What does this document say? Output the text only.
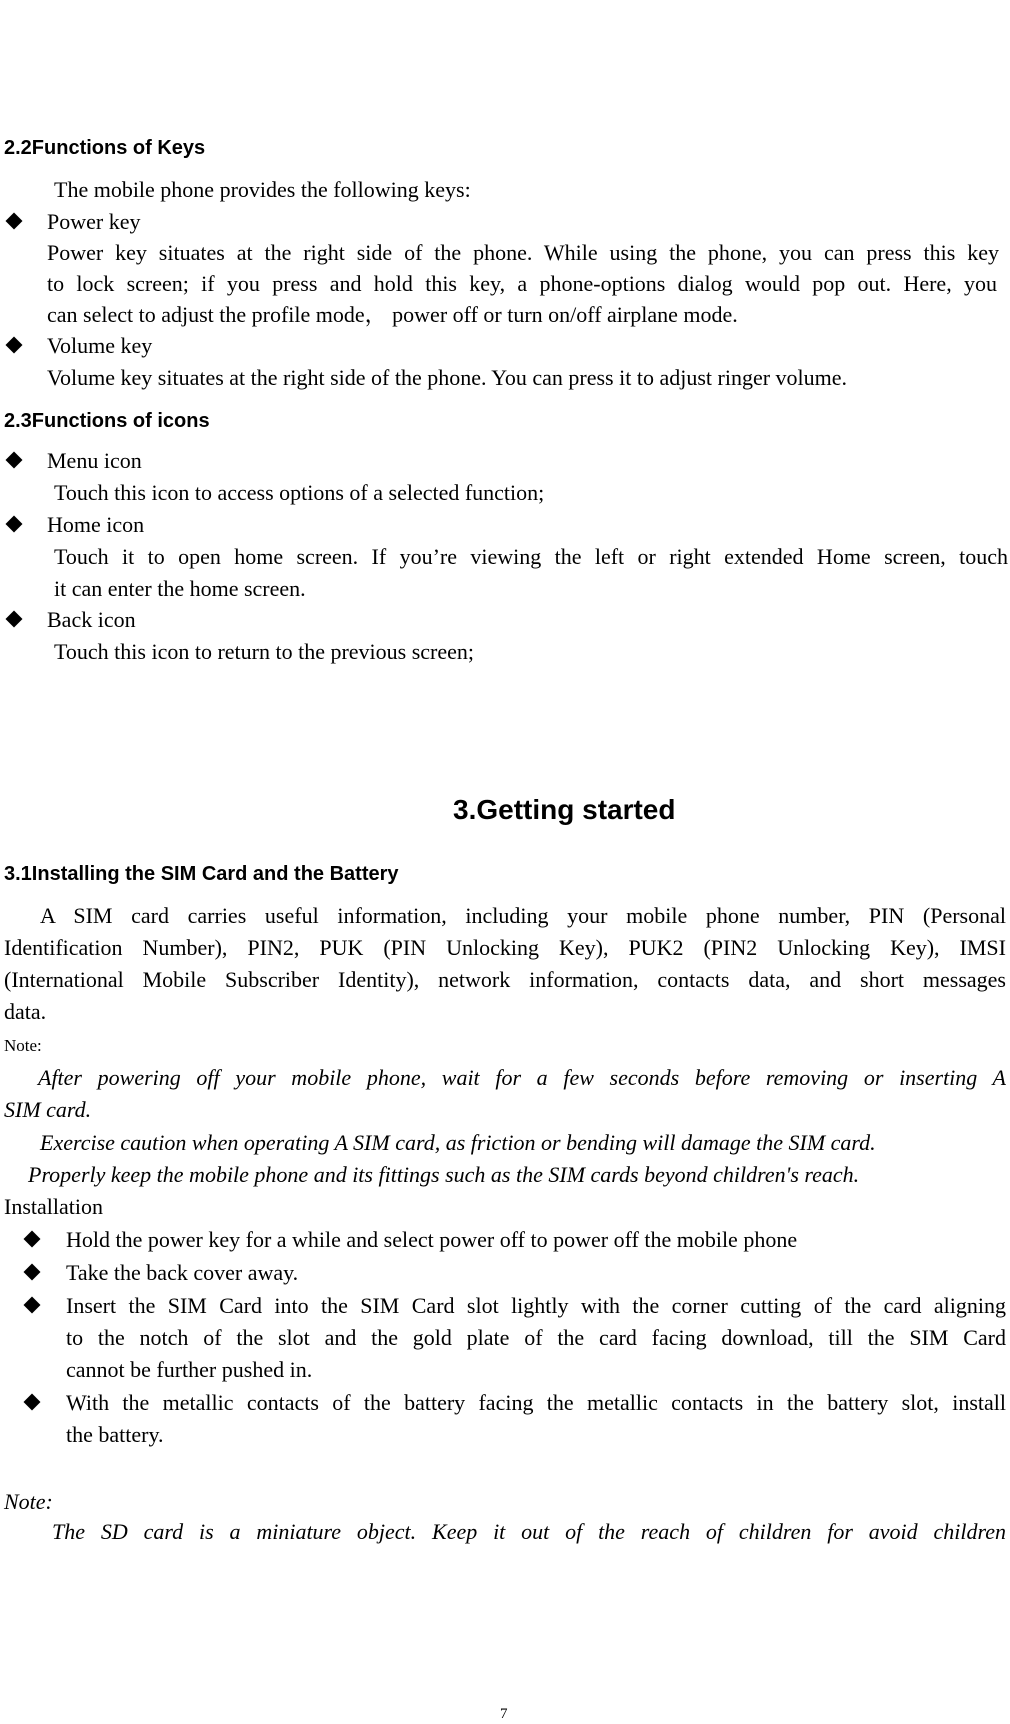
2.2Functions of Keys
The mobile phone provides the following keys:
Power key
Power key situates at the right side of the phone. While using the phone, you can press this key
to lock screen; if you press and hold this key, a phone-options dialog would pop out. Here, you
can select to adjust the profile mode， power off or turn on/off airplane mode.
Volume key
Volume key situates at the right side of the phone. You can press it to adjust ringer volume.
2.3Functions of icons
Menu icon
Touch this icon to access options of a selected function;
Home icon
Touch it to open home screen. If you’re viewing the left or right extended Home screen, touch
it can enter the home screen.
Back icon
Touch this icon to return to the previous screen;
3.Getting started
3.1Installing the SIM Card and the Battery
A SIM card carries useful information, including your mobile phone number, PIN (Personal
Identification Number), PIN2, PUK (PIN Unlocking Key), PUK2 (PIN2 Unlocking Key), IMSI
(International Mobile Subscriber Identity), network information, contacts data, and short messages
data.
Note:
After powering off your mobile phone, wait for a few seconds before removing or inserting A
SIM card.
Exercise caution when operating A SIM card, as friction or bending will damage the SIM card.
Properly keep the mobile phone and its fittings such as the SIM cards beyond children's reach.
Installation
Hold the power key for a while and select power off to power off the mobile phone
Take the back cover away.
Insert the SIM Card into the SIM Card slot lightly with the corner cutting of the card aligning
to the notch of the slot and the gold plate of the card facing download, till the SIM Card
cannot be further pushed in.
With the metallic contacts of the battery facing the metallic contacts in the battery slot, install
the battery.
Note:
The SD card is a miniature object. Keep it out of the reach of children for avoid children
7
